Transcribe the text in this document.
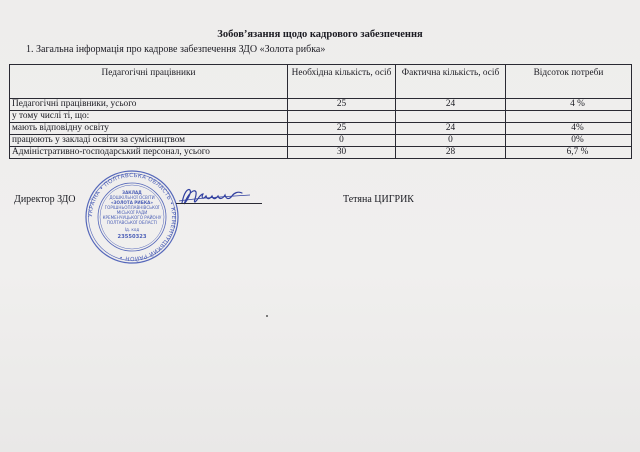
Зобов’язання щодо кадрового забезпечення
1. Загальна інформація про кадрове забезпечення ЗДО «Золота рибка»
Педагогічні працівники	Необхідна кількість, осіб	Фактична кількість, осіб	Відсоток потреби
Педагогічні працівники, усього	25	24	4 %
у тому числі ті, що:			
мають відповідну освіту	25	24	4%
працюють у закладі освіти за сумісництвом	0	0	0%
Адміністративно-господарський персонал, усього	30	28	6,7 %
Директор ЗДО
УКРАЇНА • ПОЛТАВСЬКА ОБЛАСТЬ • КРЕМЕНЧУЦЬКИЙ РАЙОН •
ЗАКЛАД
ДОШКІЛЬНОЇ ОСВІТИ
«ЗОЛОТА РИБКА»
ГОРІШНЬОПЛАВНІВСЬКОЇ
МІСЬКОЇ РАДИ
КРЕМЕНЧУЦЬКОГО РАЙОНУ
ПОЛТАВСЬКОЇ ОБЛАСТІ
Ід. код
23550323
Тетяна ЦИГРИК
